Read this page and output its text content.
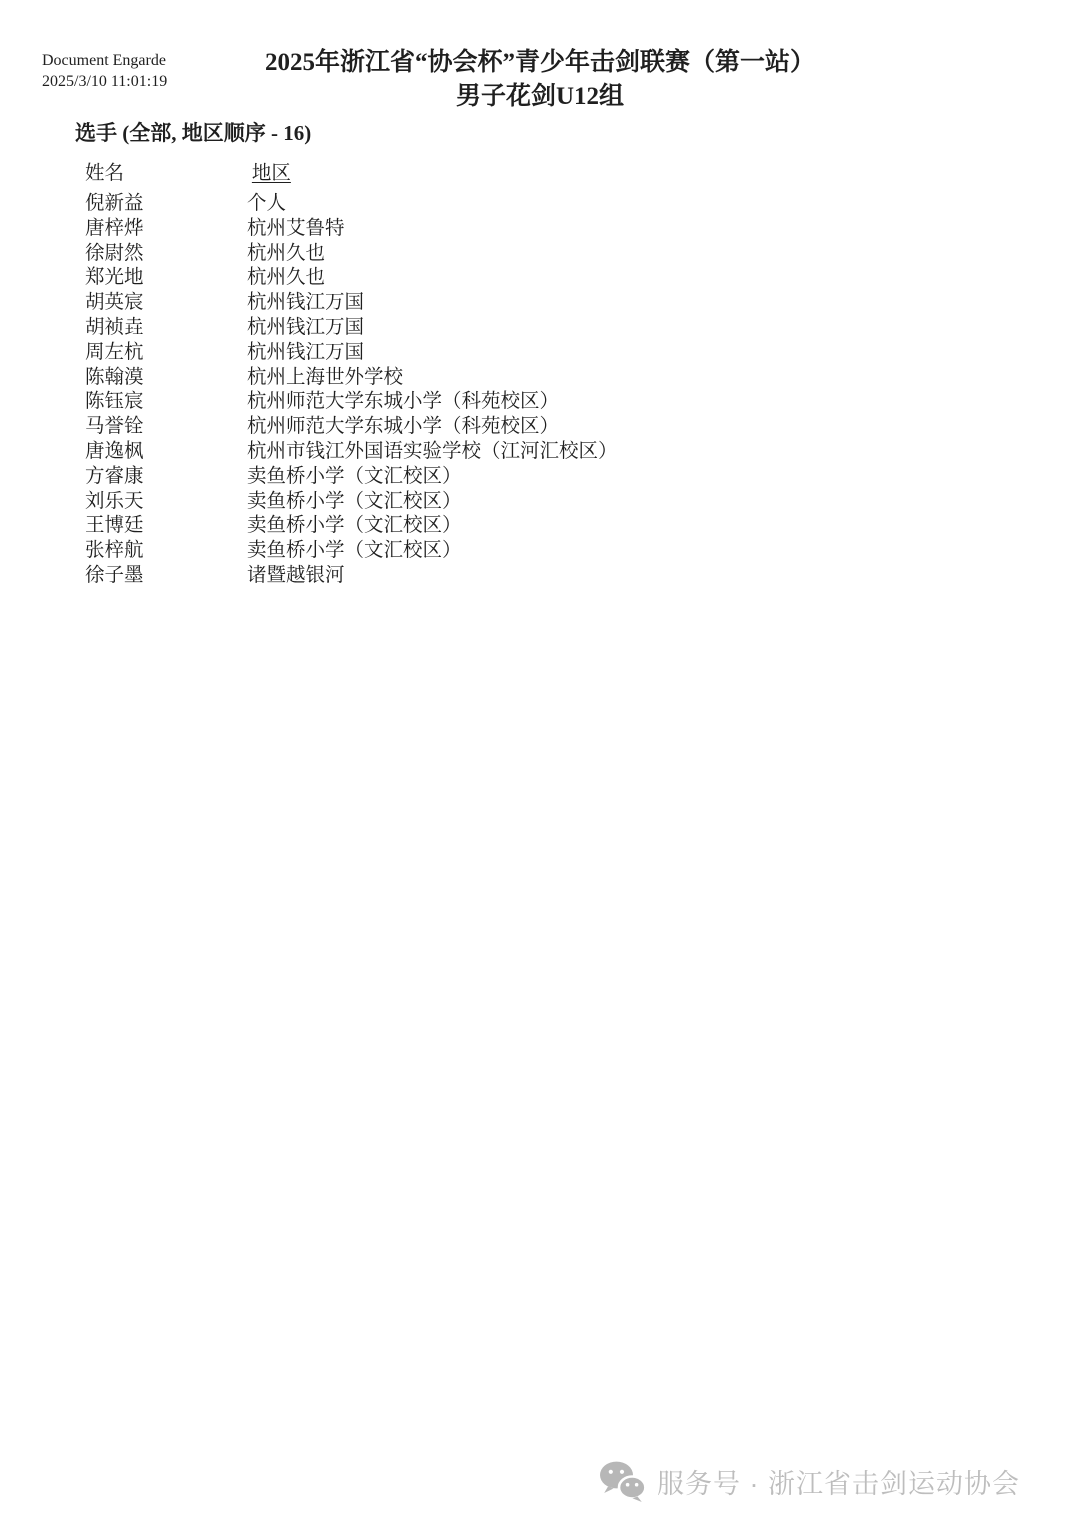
Document Engarde
2025/3/10 11:01:19
2025年浙江省“协会杯”青少年击剑联赛（第一站）
男子花剑U12组
选手 (全部, 地区顺序 - 16)
姓名	地区
倪新益	个人
唐梓烨	杭州艾鲁特
徐尉然	杭州久也
郑光地	杭州久也
胡英宸	杭州钱江万国
胡祯垚	杭州钱江万国
周左杭	杭州钱江万国
陈翰漠	杭州上海世外学校
陈钰宸	杭州师范大学东城小学（科苑校区）
马誉铨	杭州师范大学东城小学（科苑校区）
唐逸枫	杭州市钱江外国语实验学校（江河汇校区）
方睿康	卖鱼桥小学（文汇校区）
刘乐天	卖鱼桥小学（文汇校区）
王博廷	卖鱼桥小学（文汇校区）
张梓航	卖鱼桥小学（文汇校区）
徐子墨	诸暨越银河
服务号 · 浙江省击剑运动协会
